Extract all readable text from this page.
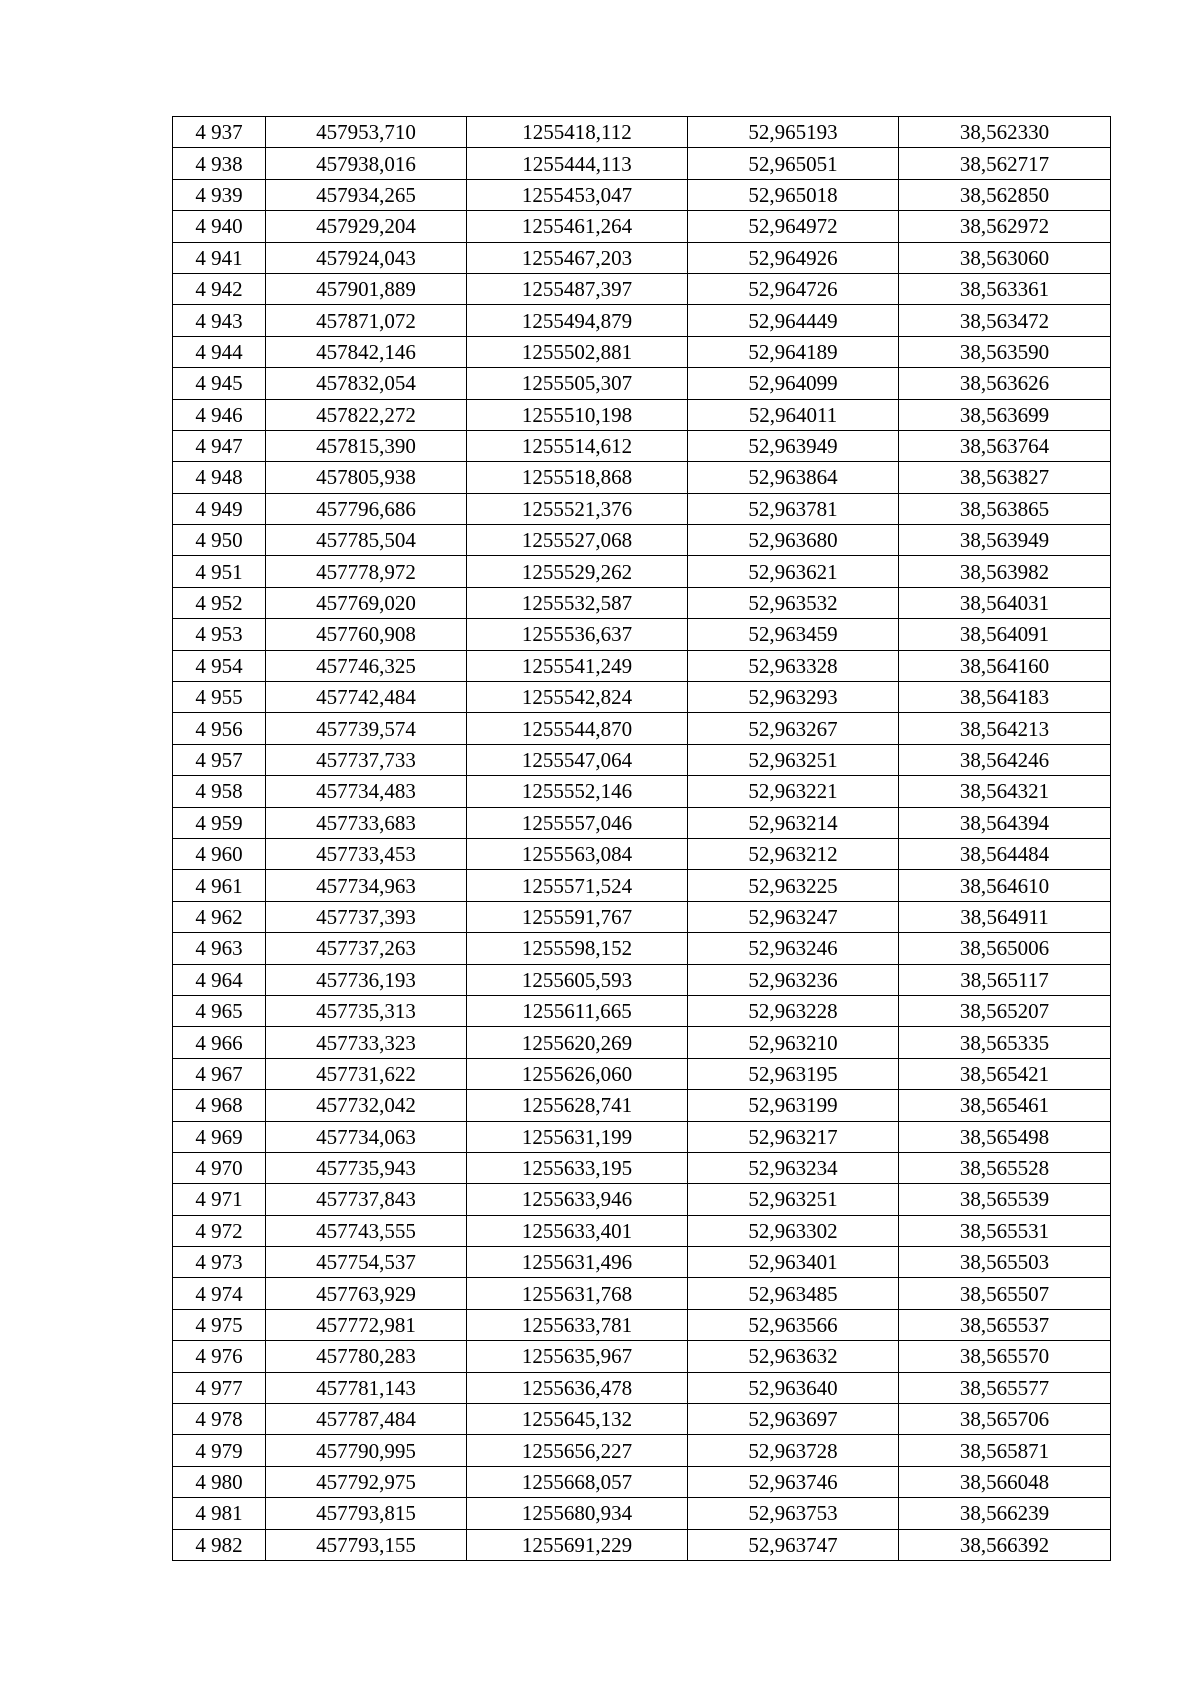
4 937	457953,710	1255418,112	52,965193	38,562330
4 938	457938,016	1255444,113	52,965051	38,562717
4 939	457934,265	1255453,047	52,965018	38,562850
4 940	457929,204	1255461,264	52,964972	38,562972
4 941	457924,043	1255467,203	52,964926	38,563060
4 942	457901,889	1255487,397	52,964726	38,563361
4 943	457871,072	1255494,879	52,964449	38,563472
4 944	457842,146	1255502,881	52,964189	38,563590
4 945	457832,054	1255505,307	52,964099	38,563626
4 946	457822,272	1255510,198	52,964011	38,563699
4 947	457815,390	1255514,612	52,963949	38,563764
4 948	457805,938	1255518,868	52,963864	38,563827
4 949	457796,686	1255521,376	52,963781	38,563865
4 950	457785,504	1255527,068	52,963680	38,563949
4 951	457778,972	1255529,262	52,963621	38,563982
4 952	457769,020	1255532,587	52,963532	38,564031
4 953	457760,908	1255536,637	52,963459	38,564091
4 954	457746,325	1255541,249	52,963328	38,564160
4 955	457742,484	1255542,824	52,963293	38,564183
4 956	457739,574	1255544,870	52,963267	38,564213
4 957	457737,733	1255547,064	52,963251	38,564246
4 958	457734,483	1255552,146	52,963221	38,564321
4 959	457733,683	1255557,046	52,963214	38,564394
4 960	457733,453	1255563,084	52,963212	38,564484
4 961	457734,963	1255571,524	52,963225	38,564610
4 962	457737,393	1255591,767	52,963247	38,564911
4 963	457737,263	1255598,152	52,963246	38,565006
4 964	457736,193	1255605,593	52,963236	38,565117
4 965	457735,313	1255611,665	52,963228	38,565207
4 966	457733,323	1255620,269	52,963210	38,565335
4 967	457731,622	1255626,060	52,963195	38,565421
4 968	457732,042	1255628,741	52,963199	38,565461
4 969	457734,063	1255631,199	52,963217	38,565498
4 970	457735,943	1255633,195	52,963234	38,565528
4 971	457737,843	1255633,946	52,963251	38,565539
4 972	457743,555	1255633,401	52,963302	38,565531
4 973	457754,537	1255631,496	52,963401	38,565503
4 974	457763,929	1255631,768	52,963485	38,565507
4 975	457772,981	1255633,781	52,963566	38,565537
4 976	457780,283	1255635,967	52,963632	38,565570
4 977	457781,143	1255636,478	52,963640	38,565577
4 978	457787,484	1255645,132	52,963697	38,565706
4 979	457790,995	1255656,227	52,963728	38,565871
4 980	457792,975	1255668,057	52,963746	38,566048
4 981	457793,815	1255680,934	52,963753	38,566239
4 982	457793,155	1255691,229	52,963747	38,566392
